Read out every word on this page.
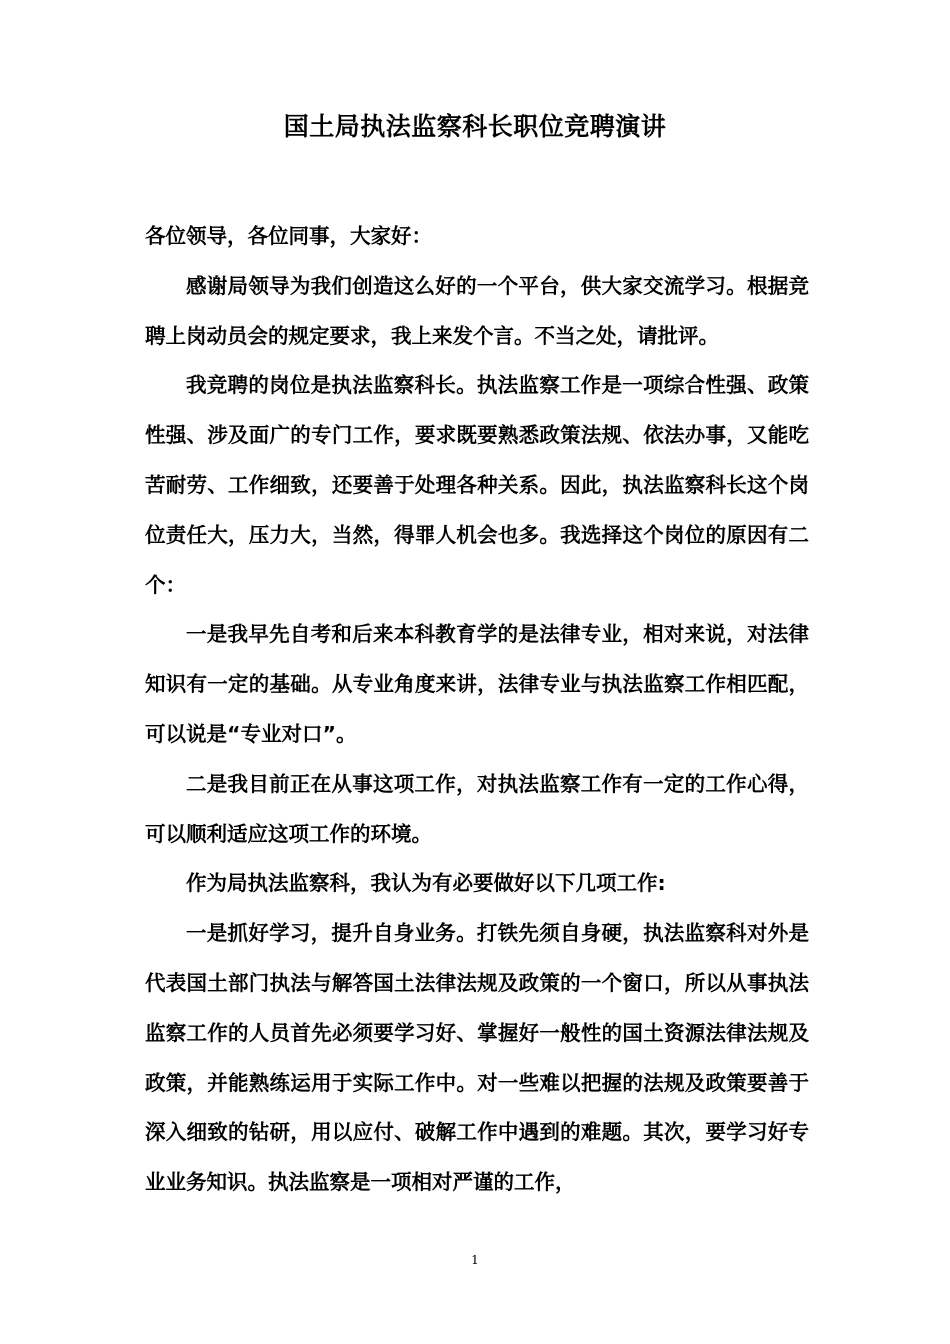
国土局执法监察科长职位竞聘演讲

各位领导，各位同事，大家好：

感谢局领导为我们创造这么好的一个平台，供大家交流学习。根据竞聘上岗动员会的规定要求，我上来发个言。不当之处，请批评。

我竞聘的岗位是执法监察科长。执法监察工作是一项综合性强、政策性强、涉及面广的专门工作，要求既要熟悉政策法规、依法办事，又能吃苦耐劳、工作细致，还要善于处理各种关系。因此，执法监察科长这个岗位责任大，压力大，当然，得罪人机会也多。我选择这个岗位的原因有二个：

一是我早先自考和后来本科教育学的是法律专业，相对来说，对法律知识有一定的基础。从专业角度来讲，法律专业与执法监察工作相匹配，可以说是“专业对口”。

二是我目前正在从事这项工作，对执法监察工作有一定的工作心得，可以顺利适应这项工作的环境。

作为局执法监察科，我认为有必要做好以下几项工作:

一是抓好学习，提升自身业务。打铁先须自身硬，执法监察科对外是代表国土部门执法与解答国土法律法规及政策的一个窗口，所以从事执法监察工作的人员首先必须要学习好、掌握好一般性的国土资源法律法规及政策，并能熟练运用于实际工作中。对一些难以把握的法规及政策要善于深入细致的钻研，用以应付、破解工作中遇到的难题。其次，要学习好专业业务知识。执法监察是一项相对严谨的工作，

1
